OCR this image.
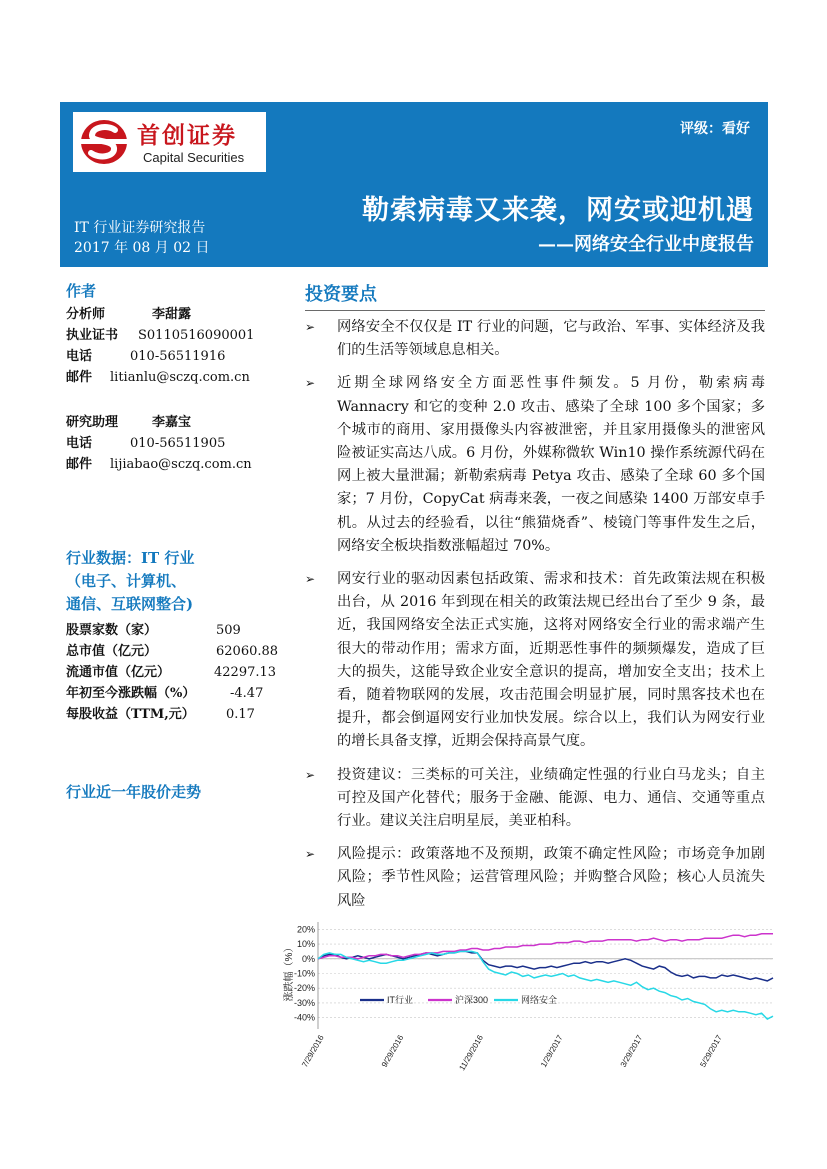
首创证券
Capital Securities
评级：看好
勒索病毒又来袭，网安或迎机遇
——网络安全行业中度报告
IT 行业证券研究报告
2017 年 08 月 02 日
作者
分析师	李甜露
执业证书 S0110516090001
电话	010-56511916
邮件 litianlu@sczq.com.cn
研究助理	李嘉宝
电话	010-56511905
邮件 lijiabao@sczq.com.cn
行业数据：IT 行业
（电子、计算机、
通信、互联网整合)
股票家数（家）	509
总市值（亿元）	62060.88
流通市值（亿元）	42297.13
年初至今涨跌幅（%）	-4.47
每股收益（TTM,元） 0.17
行业近一年股价走势
投资要点
➢ 网络安全不仅仅是 IT 行业的问题，它与政治、军事、实体经济及我们的生活等领域息息相关。
➢ 近期全球网络安全方面恶性事件频发。5 月份，勒索病毒 Wannacry 和它的变种 2.0 攻击、感染了全球 100 多个国家；多个城市的商用、家用摄像头内容被泄密，并且家用摄像头的泄密风险被证实高达八成。6 月份，外媒称微软 Win10 操作系统源代码在网上被大量泄漏；新勒索病毒 Petya 攻击、感染了全球 60 多个国家；7 月份，CopyCat 病毒来袭，一夜之间感染 1400 万部安卓手机。从过去的经验看，以往“熊猫烧香”、棱镜门等事件发生之后，网络安全板块指数涨幅超过 70%。
➢ 网安行业的驱动因素包括政策、需求和技术：首先政策法规在积极出台，从 2016 年到现在相关的政策法规已经出台了至少 9 条，最近，我国网络安全法正式实施，这将对网络安全行业的需求端产生很大的带动作用；需求方面，近期恶性事件的频频爆发，造成了巨大的损失，这能导致企业安全意识的提高，增加安全支出；技术上看，随着物联网的发展，攻击范围会明显扩展，同时黑客技术也在提升，都会倒逼网安行业加快发展。综合以上，我们认为网安行业的增长具备支撑，近期会保持高景气度。
➢ 投资建议：三类标的可关注，业绩确定性强的行业白马龙头；自主可控及国产化替代；服务于金融、能源、电力、通信、交通等重点行业。建议关注启明星辰，美亚柏科。
➢ 风险提示：政策落地不及预期，政策不确定性风险；市场竞争加剧风险；季节性风险；运营管理风险；并购整合风险；核心人员流失风险
20%
10%
0%
-10%
-20%
-30%
-40%
7/29/2016	9/29/2016	11/29/2016	1/29/2017	3/29/2017	5/29/2017
涨跌幅（%）	IT行业	沪深300	网络安全
